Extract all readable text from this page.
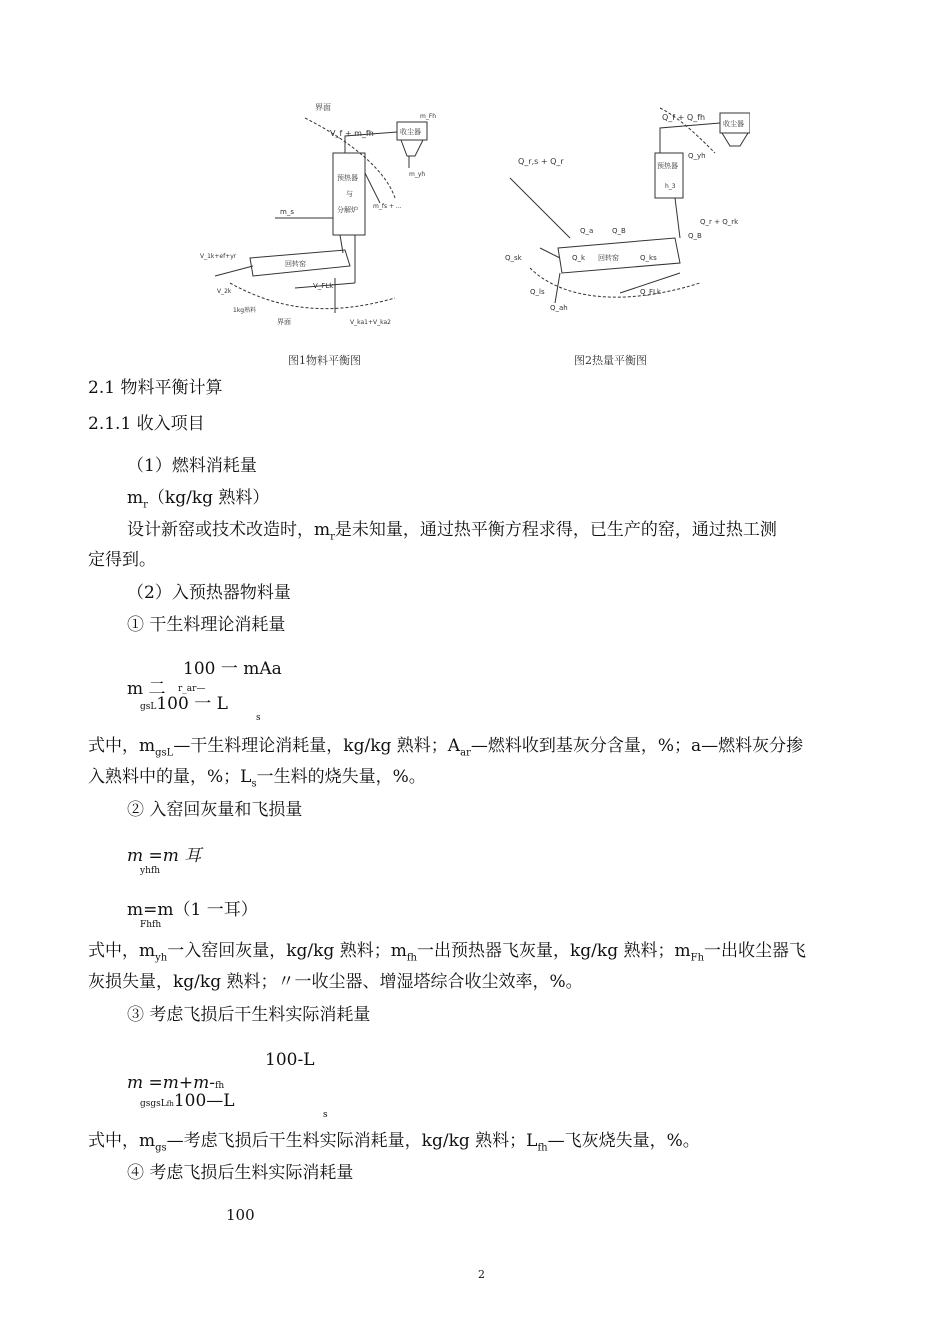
界面
V_f + m_fh
m_Fh
收尘器
m_yh
预热器
与
分解炉
m_s
m_fs + ...
V_1k+ef+yr
回转窑
V_FLk
V_2k
1kg熟料
界面	V_ka1+V_ka2
图1物料平衡图
Q_f + Q_fh
收尘器
Q_yh
预热器
h_3
Q_r,s + Q_r
Q_a	Q_B
Q_r + Q_rk
Q_sk
Q_B
回转窑
Q_k	Q_ks
Q_ls	Q_FLk
Q_ah
图2热量平衡图
2.1 物料平衡计算
2.1.1 收入项目
（1）燃料消耗量
$m_r(kg/kg$ 熟料）
设计新窑或技术改造时，$m_r$是未知量，通过热平衡方程求得，已生产的窑，通过热工测
定得到。
（2）入预热器物料量
① 干生料理论消耗量
100 一 mAa
m 二 r_ar—
gsL100 一 L
s
式中，$m_{gsL}—$干生料理论消耗量，kg/kg 熟料；$A_{ar}—$燃料收到基灰分含量，%；a—燃料灰分掺
入熟料中的量，%；$L_s$一生料的烧失量，%。
② 入窑回灰量和飞损量
m =m 耳
yhfh
m=m（1 一耳）
Fhfh
式中，$m_{yh}$一入窑回灰量，kg/kg 熟料；$m_{fh}$一出预热器飞灰量，kg/kg 熟料；$m_{Fh}$一出收尘器飞
灰损失量，kg/kg 熟料；〃一收尘器、增湿塔综合收尘效率，%。
③ 考虑飞损后干生料实际消耗量
100-L
m =m+m-fh
gsgsLfh100—L
s
式中，$m_{gs}—$考虑飞损后干生料实际消耗量，kg/kg 熟料；$L_{fh}—$飞灰烧失量，%。
④ 考虑飞损后生料实际消耗量
100
2
